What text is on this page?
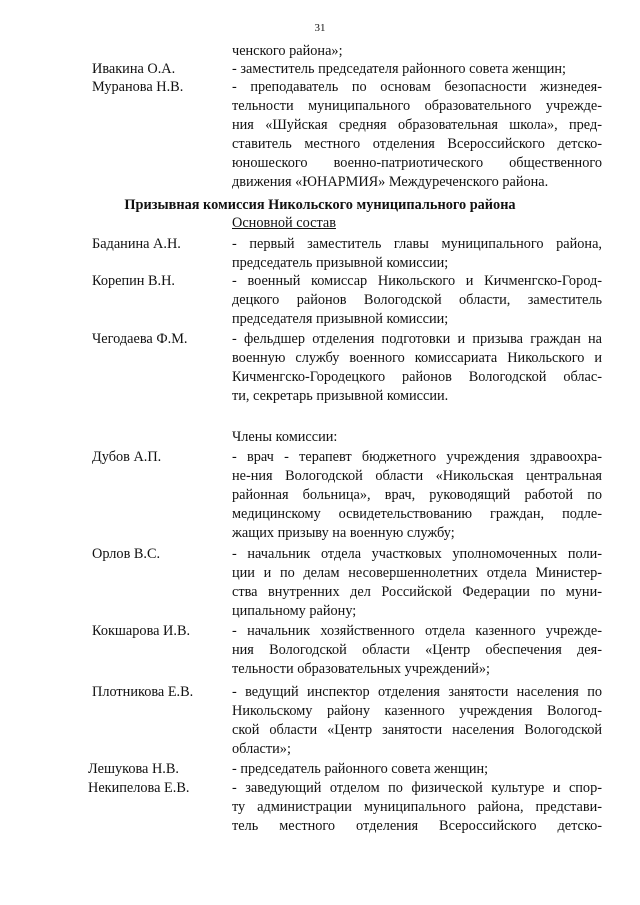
31
ченского района»;
Ивакина О.А.	- заместитель председателя районного совета женщин;
Муранова Н.В.	- преподаватель по основам безопасности жизнедея-
тельности муниципального образовательного учрежде-
ния «Шуйская средняя образовательная школа», пред-
ставитель местного отделения Всероссийского детско-
юношеского военно-патриотического общественного
движения «ЮНАРМИЯ» Междуреченского района.
Призывная комиссия Никольского муниципального района
Основной состав
Баданина А.Н.	- первый заместитель главы муниципального района,
председатель призывной комиссии;
Корепин В.Н.	- военный комиссар Никольского и Кичменгско-Город-
децкого районов Вологодской области, заместитель
председателя призывной комиссии;
Чегодаева Ф.М.	- фельдшер отделения подготовки и призыва граждан на
военную службу военного комиссариата Никольского и
Кичменгско-Городецкого районов Вологодской облас-
ти, секретарь призывной комиссии.
Члены комиссии:
Дубов А.П.	- врач - терапевт бюджетного учреждения здравоохра-
не-ния Вологодской области «Никольская центральная
районная больница», врач, руководящий работой по
медицинскому освидетельствованию граждан, подле-
жащих призыву на военную службу;
Орлов В.С.	- начальник отдела участковых уполномоченных поли-
ции и по делам несовершеннолетних отдела Министер-
ства внутренних дел Российской Федерации по муни-
ципальному району;
Кокшарова И.В.	- начальник хозяйственного отдела казенного учрежде-
ния Вологодской области «Центр обеспечения дея-
тельности образовательных учреждений»;
Плотникова Е.В.	- ведущий инспектор отделения занятости населения по
Никольскому району казенного учреждения Вологод-
ской области «Центр занятости населения Вологодской
области»;
Лешукова Н.В.	- председатель районного совета женщин;
Некипелова Е.В.	- заведующий отделом по физической культуре и спор-
ту администрации муниципального района, представи-
тель местного отделения Всероссийского детско-
